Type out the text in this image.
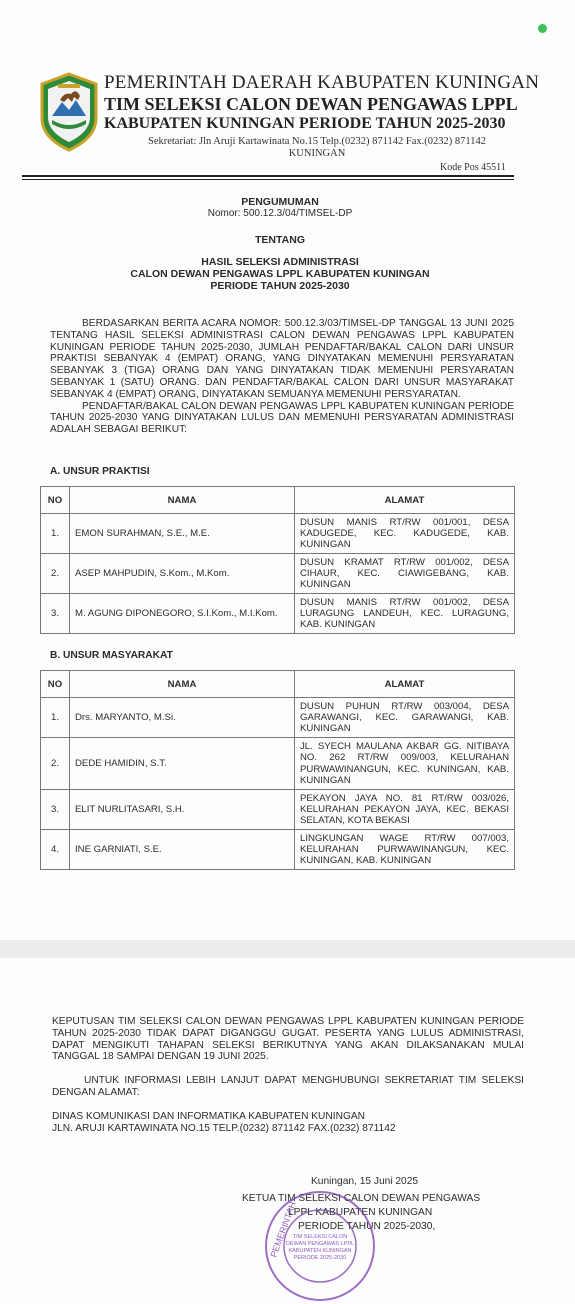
PEMERINTAH DAERAH KABUPATEN KUNINGAN
TIM SELEKSI CALON DEWAN PENGAWAS LPPL
KABUPATEN KUNINGAN PERIODE TAHUN 2025-2030
Sekretariat: Jln Aruji Kartawinata No.15 Telp.(0232) 871142 Fax.(0232) 871142 KUNINGAN
Kode Pos 45511
PENGUMUMAN
Nomor: 500.12.3/04/TIMSEL-DP
TENTANG
HASIL SELEKSI ADMINISTRASI
CALON DEWAN PENGAWAS LPPL KABUPATEN KUNINGAN
PERIODE TAHUN 2025-2030

BERDASARKAN BERITA ACARA NOMOR: 500.12.3/03/TIMSEL-DP TANGGAL 13 JUNI 2025 TENTANG HASIL SELEKSI ADMINISTRASI CALON DEWAN PENGAWAS LPPL KABUPATEN KUNINGAN PERIODE TAHUN 2025-2030, JUMLAH PENDAFTAR/BAKAL CALON DARI UNSUR PRAKTISI SEBANYAK 4 (EMPAT) ORANG, YANG DINYATAKAN MEMENUHI PERSYARATAN SEBANYAK 3 (TIGA) ORANG DAN YANG DINYATAKAN TIDAK MEMENUHI PERSYARATAN SEBANYAK 1 (SATU) ORANG. DAN PENDAFTAR/BAKAL CALON DARI UNSUR MASYARAKAT SEBANYAK 4 (EMPAT) ORANG, DINYATAKAN SEMUANYA MEMENUHI PERSYARATAN.

PENDAFTAR/BAKAL CALON DEWAN PENGAWAS LPPL KABUPATEN KUNINGAN PERIODE TAHUN 2025-2030 YANG DINYATAKAN LULUS DAN MEMENUHI PERSYARATAN ADMINISTRASI ADALAH SEBAGAI BERIKUT:

A. UNSUR PRAKTISI
NO	NAMA	ALAMAT
1.	EMON SURAHMAN, S.E., M.E.	DUSUN MANIS RT/RW 001/001, DESA KADUGEDE, KEC. KADUGEDE, KAB. KUNINGAN
2.	ASEP MAHPUDIN, S.Kom., M.Kom.	DUSUN KRAMAT RT/RW 001/002, DESA CIHAUR, KEC. CIAWIGEBANG, KAB. KUNINGAN
3.	M. AGUNG DIPONEGORO, S.I.Kom., M.I.Kom.	DUSUN MANIS RT/RW 001/002, DESA LURAGUNG LANDEUH, KEC. LURAGUNG, KAB. KUNINGAN
B. UNSUR MASYARAKAT
NO	NAMA	ALAMAT
1.	Drs. MARYANTO, M.Si.	DUSUN PUHUN RT/RW 003/004, DESA GARAWANGI, KEC. GARAWANGI, KAB. KUNINGAN
2.	DEDE HAMIDIN, S.T.	JL. SYECH MAULANA AKBAR GG. NITIBAYA NO. 262 RT/RW 009/003, KELURAHAN PURWAWINANGUN, KEC. KUNINGAN, KAB. KUNINGAN
3.	ELIT NURLITASARI, S.H.	PEKAYON JAYA NO. 81 RT/RW 003/026, KELURAHAN PEKAYON JAYA, KEC. BEKASI SELATAN, KOTA BEKASI
4.	INE GARNIATI, S.E.	LINGKUNGAN WAGE RT/RW 007/003, KELURAHAN PURWAWINANGUN, KEC. KUNINGAN, KAB. KUNINGAN

KEPUTUSAN TIM SELEKSI CALON DEWAN PENGAWAS LPPL KABUPATEN KUNINGAN PERIODE TAHUN 2025-2030 TIDAK DAPAT DIGANGGU GUGAT. PESERTA YANG LULUS ADMINISTRASI, DAPAT MENGIKUTI TAHAPAN SELEKSI BERIKUTNYA YANG AKAN DILAKSANAKAN MULAI TANGGAL 18 SAMPAI DENGAN 19 JUNI 2025.

UNTUK INFORMASI LEBIH LANJUT DAPAT MENGHUBUNGI SEKRETARIAT TIM SELEKSI DENGAN ALAMAT:

DINAS KOMUNIKASI DAN INFORMATIKA KABUPATEN KUNINGAN

JLN. ARUJI KARTAWINATA NO.15 TELP.(0232) 871142 FAX.(0232) 871142

Kuningan, 15 Juni 2025
KETUA TIM SELEKSI CALON DEWAN PENGAWAS
LPPL KABUPATEN KUNINGAN
PERIODE TAHUN 2025-2030,
PEMERINTAH
TIM SELEKSI CALON
DEWAN PENGAWAS LPPL
KABUPATEN KUNINGAN
PERIODE 2025-2030
